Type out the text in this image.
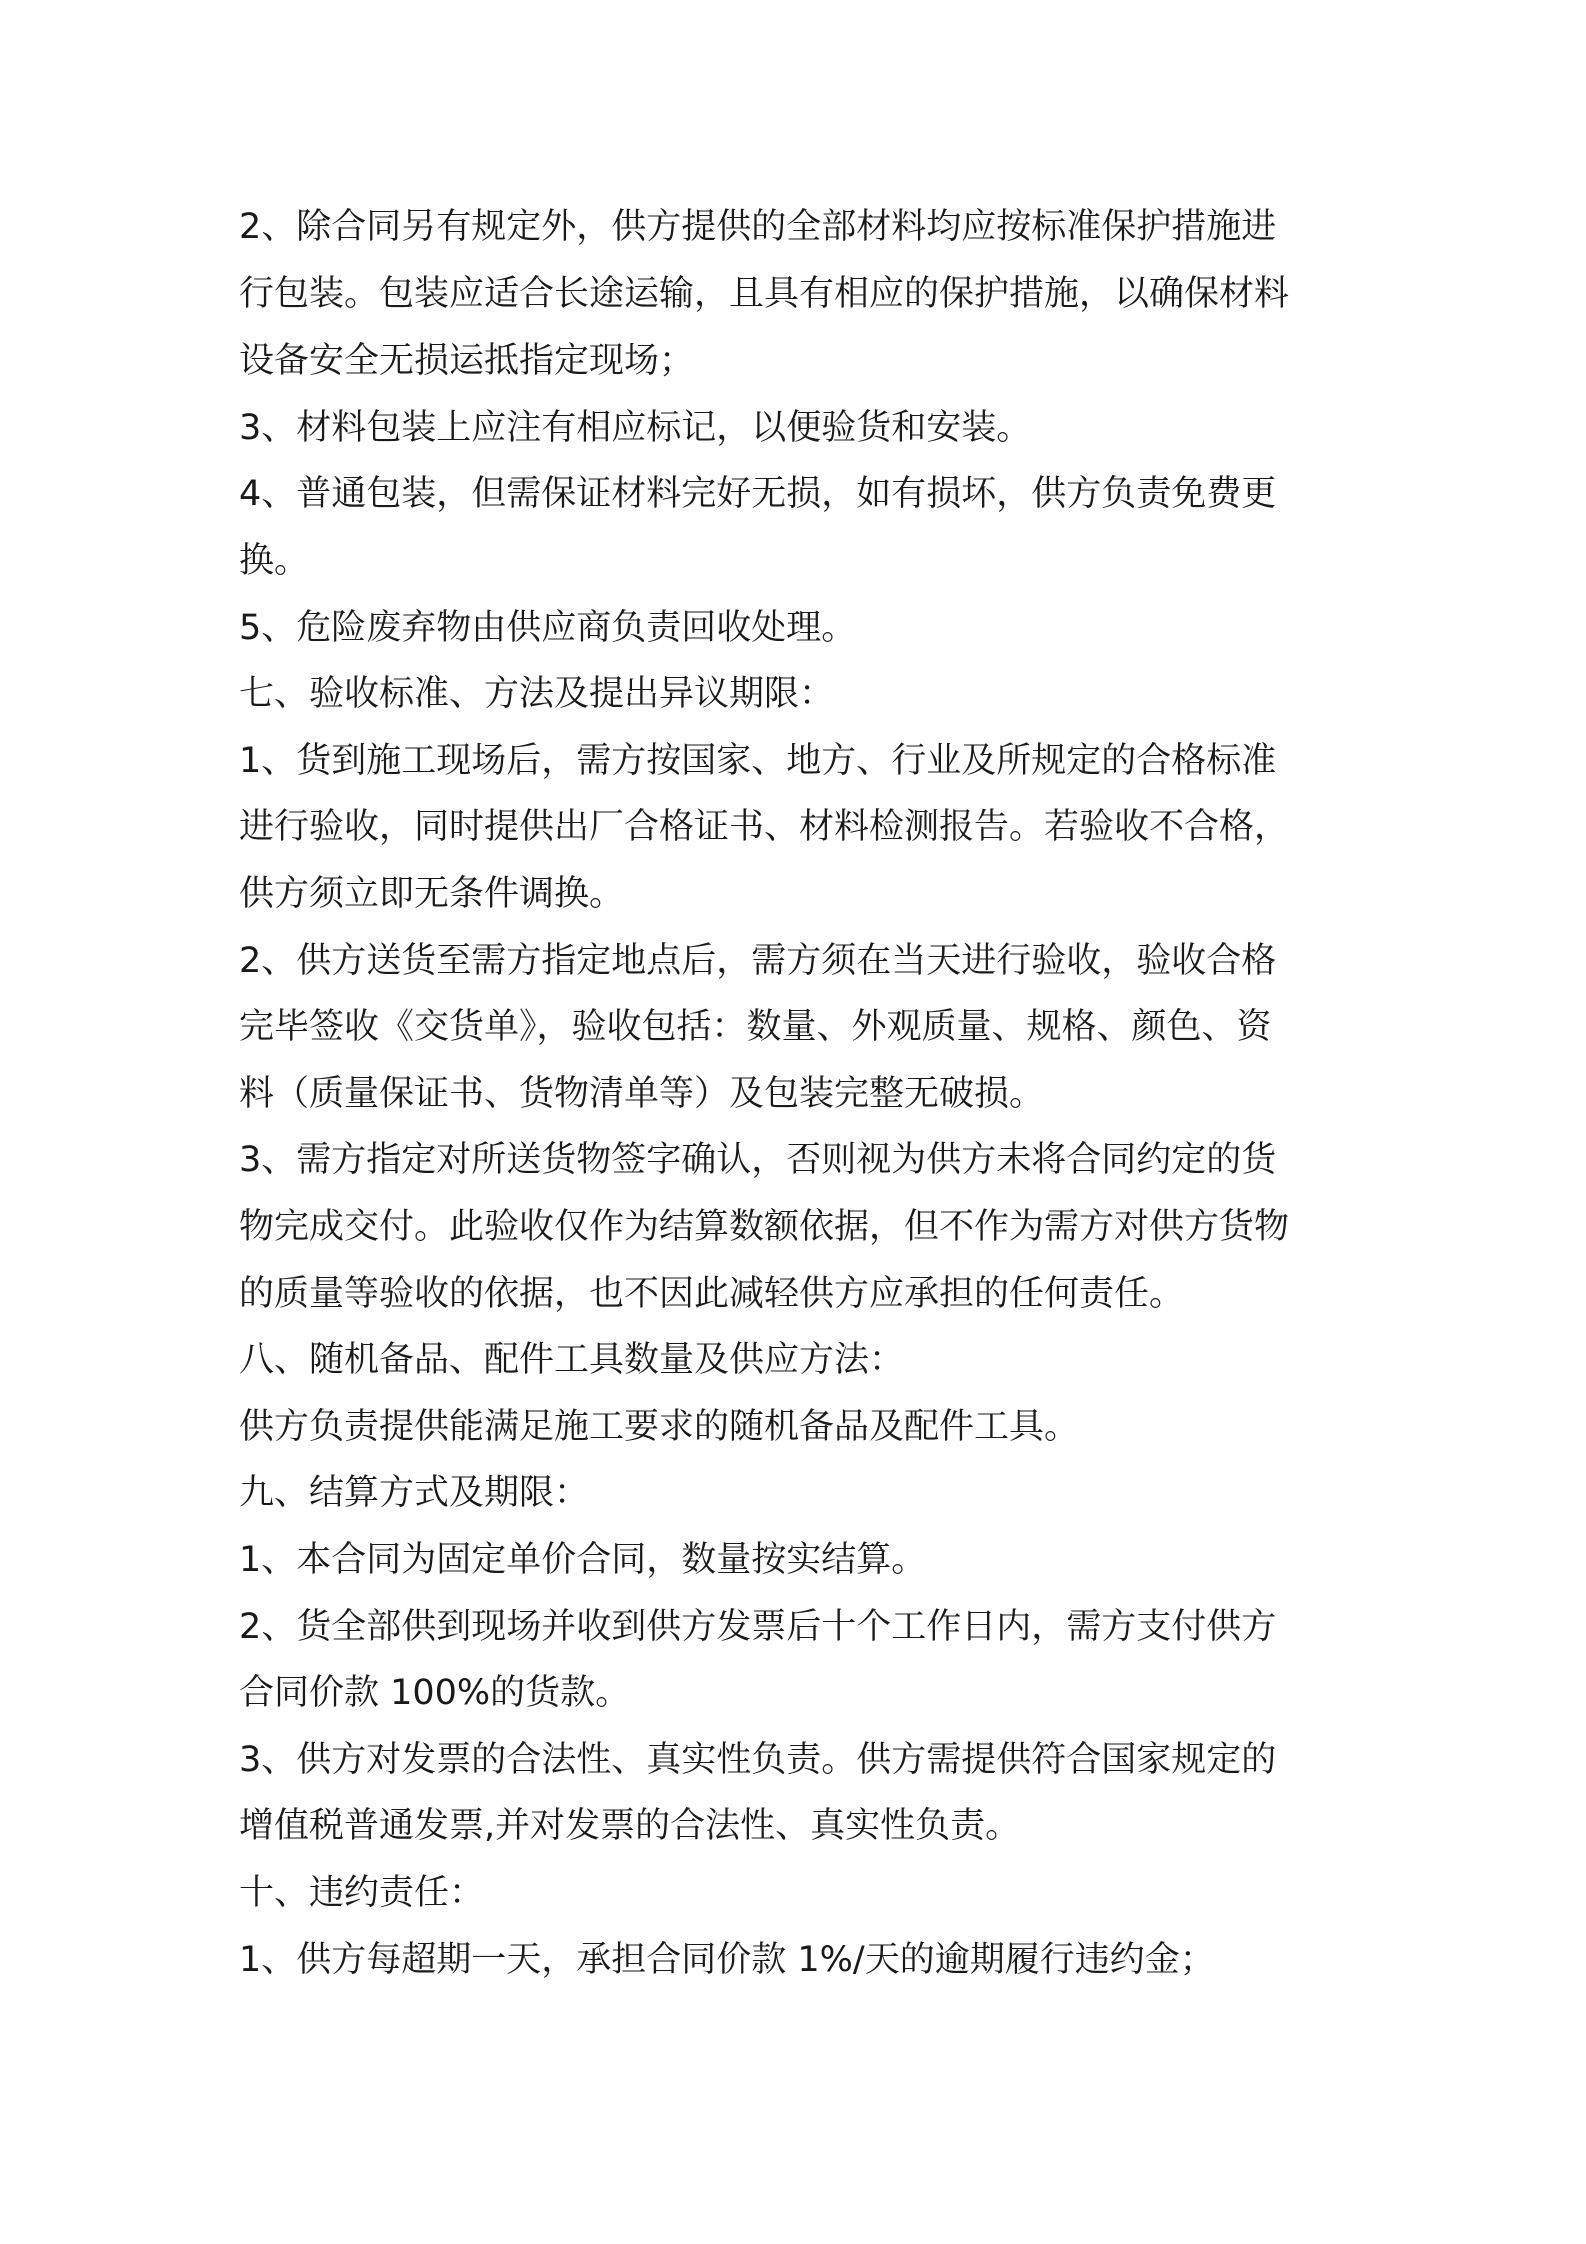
2、除合同另有规定外，供方提供的全部材料均应按标准保护措施进
行包装。包装应适合长途运输，且具有相应的保护措施，以确保材料
设备安全无损运抵指定现场；
3、材料包装上应注有相应标记，以便验货和安装。
4、普通包装，但需保证材料完好无损，如有损坏，供方负责免费更
换。
5、危险废弃物由供应商负责回收处理。
七、验收标准、方法及提出异议期限：
1、货到施工现场后，需方按国家、地方、行业及所规定的合格标准
进行验收，同时提供出厂合格证书、材料检测报告。若验收不合格，
供方须立即无条件调换。
2、供方送货至需方指定地点后，需方须在当天进行验收，验收合格
完毕签收《交货单》，验收包括：数量、外观质量、规格、颜色、资
料（质量保证书、货物清单等）及包装完整无破损。
3、需方指定对所送货物签字确认，否则视为供方未将合同约定的货
物完成交付。此验收仅作为结算数额依据，但不作为需方对供方货物
的质量等验收的依据，也不因此减轻供方应承担的任何责任。
八、随机备品、配件工具数量及供应方法：
供方负责提供能满足施工要求的随机备品及配件工具。
九、结算方式及期限：
1、本合同为固定单价合同，数量按实结算。
2、货全部供到现场并收到供方发票后十个工作日内，需方支付供方
合同价款 100%的货款。
3、供方对发票的合法性、真实性负责。供方需提供符合国家规定的
增值税普通发票,并对发票的合法性、真实性负责。
十、违约责任：
1、供方每超期一天，承担合同价款 1%/天的逾期履行违约金；
